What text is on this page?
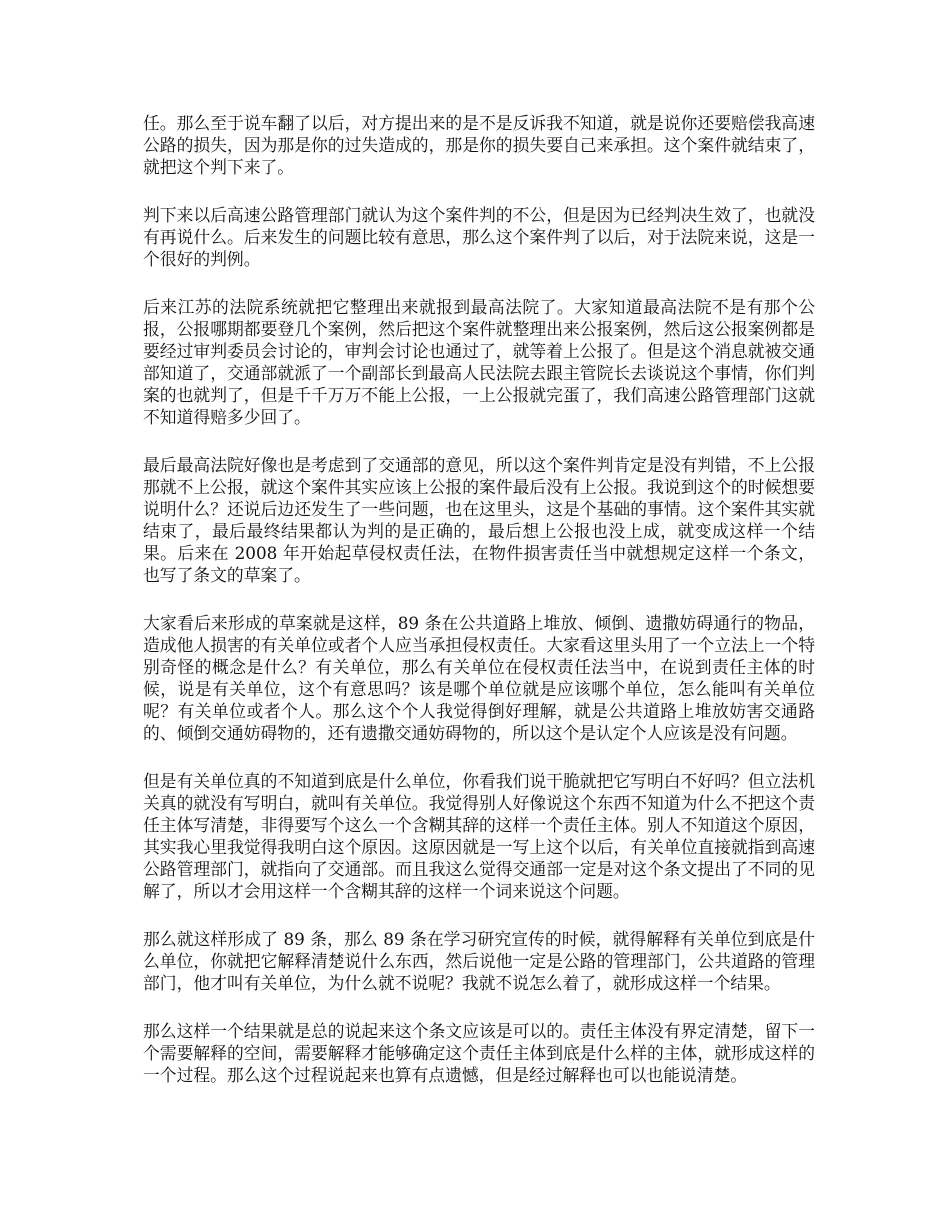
任。那么至于说车翻了以后，对方提出来的是不是反诉我不知道，就是说你还要赔偿我高速公路的损失，因为那是你的过失造成的，那是你的损失要自己来承担。这个案件就结束了，就把这个判下来了。

判下来以后高速公路管理部门就认为这个案件判的不公，但是因为已经判决生效了，也就没有再说什么。后来发生的问题比较有意思，那么这个案件判了以后，对于法院来说，这是一个很好的判例。

后来江苏的法院系统就把它整理出来就报到最高法院了。大家知道最高法院不是有那个公报，公报哪期都要登几个案例，然后把这个案件就整理出来公报案例，然后这公报案例都是要经过审判委员会讨论的，审判会讨论也通过了，就等着上公报了。但是这个消息就被交通部知道了，交通部就派了一个副部长到最高人民法院去跟主管院长去谈说这个事情，你们判案的也就判了，但是千千万万不能上公报，一上公报就完蛋了，我们高速公路管理部门这就不知道得赔多少回了。

最后最高法院好像也是考虑到了交通部的意见，所以这个案件判肯定是没有判错，不上公报那就不上公报，就这个案件其实应该上公报的案件最后没有上公报。我说到这个的时候想要说明什么？还说后边还发生了一些问题，也在这里头，这是个基础的事情。这个案件其实就结束了，最后最终结果都认为判的是正确的，最后想上公报也没上成，就变成这样一个结果。后来在 2008 年开始起草侵权责任法，在物件损害责任当中就想规定这样一个条文，也写了条文的草案了。

大家看后来形成的草案就是这样，89 条在公共道路上堆放、倾倒、遗撒妨碍通行的物品，造成他人损害的有关单位或者个人应当承担侵权责任。大家看这里头用了一个立法上一个特别奇怪的概念是什么？有关单位，那么有关单位在侵权责任法当中，在说到责任主体的时候，说是有关单位，这个有意思吗？该是哪个单位就是应该哪个单位，怎么能叫有关单位呢？有关单位或者个人。那么这个个人我觉得倒好理解，就是公共道路上堆放妨害交通路的、倾倒交通妨碍物的，还有遗撒交通妨碍物的，所以这个是认定个人应该是没有问题。

但是有关单位真的不知道到底是什么单位，你看我们说干脆就把它写明白不好吗？但立法机关真的就没有写明白，就叫有关单位。我觉得别人好像说这个东西不知道为什么不把这个责任主体写清楚，非得要写个这么一个含糊其辞的这样一个责任主体。别人不知道这个原因，其实我心里我觉得我明白这个原因。这原因就是一写上这个以后，有关单位直接就指到高速公路管理部门，就指向了交通部。而且我这么觉得交通部一定是对这个条文提出了不同的见解了，所以才会用这样一个含糊其辞的这样一个词来说这个问题。

那么就这样形成了 89 条，那么 89 条在学习研究宣传的时候，就得解释有关单位到底是什么单位，你就把它解释清楚说什么东西，然后说他一定是公路的管理部门，公共道路的管理部门，他才叫有关单位，为什么就不说呢？我就不说怎么着了，就形成这样一个结果。

那么这样一个结果就是总的说起来这个条文应该是可以的。责任主体没有界定清楚，留下一个需要解释的空间，需要解释才能够确定这个责任主体到底是什么样的主体，就形成这样的一个过程。那么这个过程说起来也算有点遗憾，但是经过解释也可以也能说清楚。
